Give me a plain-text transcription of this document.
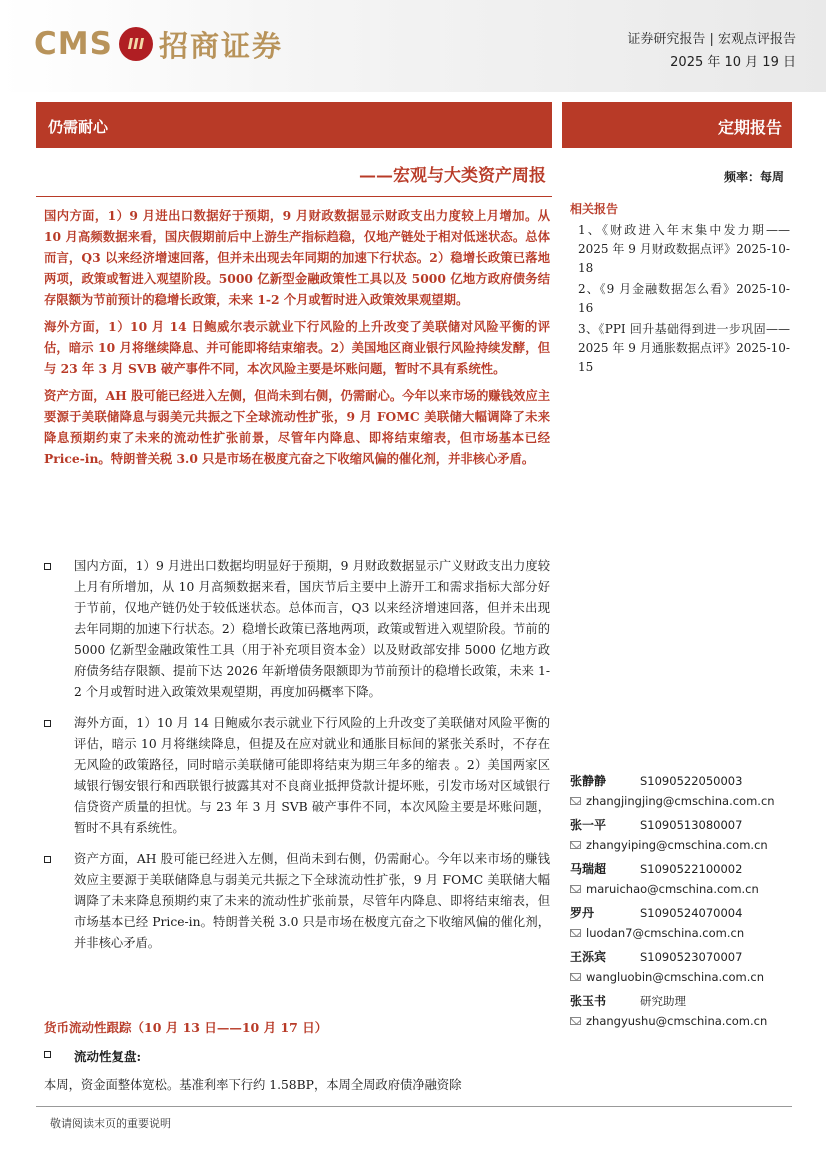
CMS III 招商证券	证券研究报告 | 宏观点评报告
2025 年 10 月 19 日
仍需耐心	定期报告
——宏观与大类资产周报	频率：每周

国内方面，1）9 月进出口数据好于预期，9 月财政数据显示财政支出力度较上月增加。从 10 月高频数据来看，国庆假期前后中上游生产指标趋稳，仅地产链处于相对低迷状态。总体而言，Q3 以来经济增速回落，但并未出现去年同期的加速下行状态。2）稳增长政策已落地两项，政策或暂进入观望阶段。5000 亿新型金融政策性工具以及 5000 亿地方政府债务结存限额为节前预计的稳增长政策，未来 1-2 个月或暂时进入政策效果观望期。

海外方面，1）10 月 14 日鲍威尔表示就业下行风险的上升改变了美联储对风险平衡的评估，暗示 10 月将继续降息、并可能即将结束缩表。2）美国地区商业银行风险持续发酵，但与 23 年 3 月 SVB 破产事件不同，本次风险主要是坏账问题，暂时不具有系统性。

资产方面，AH 股可能已经进入左侧，但尚未到右侧，仍需耐心。今年以来市场的赚钱效应主要源于美联储降息与弱美元共振之下全球流动性扩张，9 月 FOMC 美联储大幅调降了未来降息预期约束了未来的流动性扩张前景，尽管年内降息、即将结束缩表，但市场基本已经 Price-in。特朗普关税 3.0 只是市场在极度亢奋之下收缩风偏的催化剂，并非核心矛盾。

国内方面，1）9 月进出口数据均明显好于预期，9 月财政数据显示广义财政支出力度较上月有所增加，从 10 月高频数据来看，国庆节后主要中上游开工和需求指标大部分好于节前，仅地产链仍处于较低迷状态。总体而言，Q3 以来经济增速回落，但并未出现去年同期的加速下行状态。2）稳增长政策已落地两项，政策或暂进入观望阶段。节前的 5000 亿新型金融政策性工具（用于补充项目资本金）以及财政部安排 5000 亿地方政府债务结存限额、提前下达 2026 年新增债务限额即为节前预计的稳增长政策，未来 1-2 个月或暂时进入政策效果观望期，再度加码概率下降。
海外方面，1）10 月 14 日鲍威尔表示就业下行风险的上升改变了美联储对风险平衡的评估，暗示 10 月将继续降息，但提及在应对就业和通胀目标间的紧张关系时，不存在无风险的政策路径，同时暗示美联储可能即将结束为期三年多的缩表 。2）美国两家区域银行锡安银行和西联银行披露其对不良商业抵押贷款计提坏账，引发市场对区域银行信贷资产质量的担忧。与 23 年 3 月 SVB 破产事件不同，本次风险主要是坏账问题，暂时不具有系统性。
资产方面，AH 股可能已经进入左侧，但尚未到右侧，仍需耐心。今年以来市场的赚钱效应主要源于美联储降息与弱美元共振之下全球流动性扩张，9 月 FOMC 美联储大幅调降了未来降息预期约束了未来的流动性扩张前景，尽管年内降息、即将结束缩表，但市场基本已经 Price-in。特朗普关税 3.0 只是市场在极度亢奋之下收缩风偏的催化剂，并非核心矛盾。
货币流动性跟踪（10 月 13 日——10 月 17 日）
流动性复盘:
本周，资金面整体宽松。基准利率下行约 1.58BP，本周全周政府债净融资除
相关报告
1、《财政进入年末集中发力期——2025 年 9 月财政数据点评》2025-10-18
2、《9 月金融数据怎么看》2025-10-16
3、《PPI 回升基础得到进一步巩固——2025 年 9 月通胀数据点评》2025-10-15
张静静	S1090522050003
zhangjingjing@cmschina.com.cn
张一平	S1090513080007
zhangyiping@cmschina.com.cn
马瑞超	S1090522100002
maruichao@cmschina.com.cn
罗丹	S1090524070004
luodan7@cmschina.com.cn
王泺宾	S1090523070007
wangluobin@cmschina.com.cn
张玉书	研究助理
zhangyushu@cmschina.com.cn
敬请阅读末页的重要说明
